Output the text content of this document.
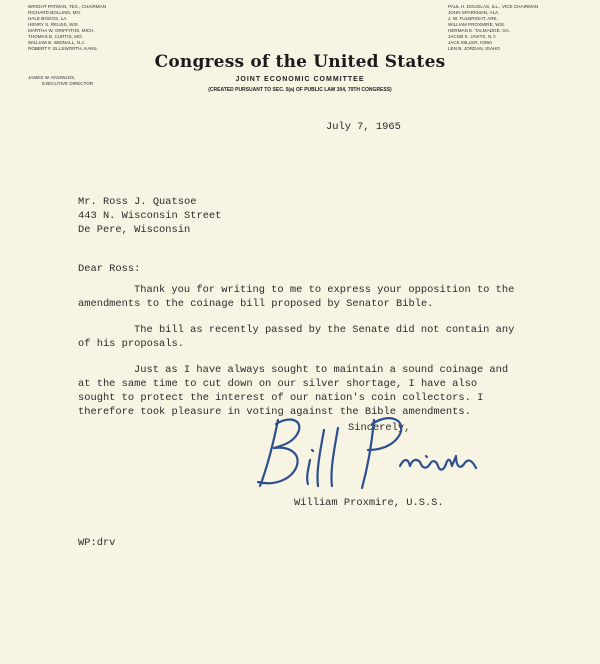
WRIGHT PATMAN, TEX., CHAIRMAN
RICHARD BOLLING, MO.
HALE BOGGS, LA.
HENRY S. REUSS, WIS.
MARTHA W. GRIFFITHS, MICH.
THOMAS B. CURTIS, MO.
WILLIAM B. WIDNALL, N.J.
ROBERT F. ELLSWORTH, KANS.
JAMES W. KNOWLES,
EXECUTIVE DIRECTOR
PAUL H. DOUGLAS, ILL., VICE CHAIRMAN
JOHN SPARKMAN, ALA.
J. W. FULBRIGHT, ARK.
WILLIAM PROXMIRE, WIS.
HERMAN E. TALMADGE, GA.
JACOB K. JAVITS, N.Y.
JACK MILLER, IOWA
LEN B. JORDAN, IDAHO
Congress of the United States
JOINT ECONOMIC COMMITTEE
(CREATED PURSUANT TO SEC. 5(a) OF PUBLIC LAW 304, 79TH CONGRESS)
July 7, 1965
Mr. Ross J. Quatsoe
443 N. Wisconsin Street
De Pere, Wisconsin
Dear Ross:
Thank you for writing to me to express your opposition to the
amendments to the coinage bill proposed by Senator Bible.
The bill as recently passed by the Senate did not contain any
of his proposals.
Just as I have always sought to maintain a sound coinage and
at the same time to cut down on our silver shortage, I have also
sought to protect the interest of our nation's coin collectors. I
therefore took pleasure in voting against the Bible amendments.
Sincerely,
William Proxmire, U.S.S.
WP:drv
